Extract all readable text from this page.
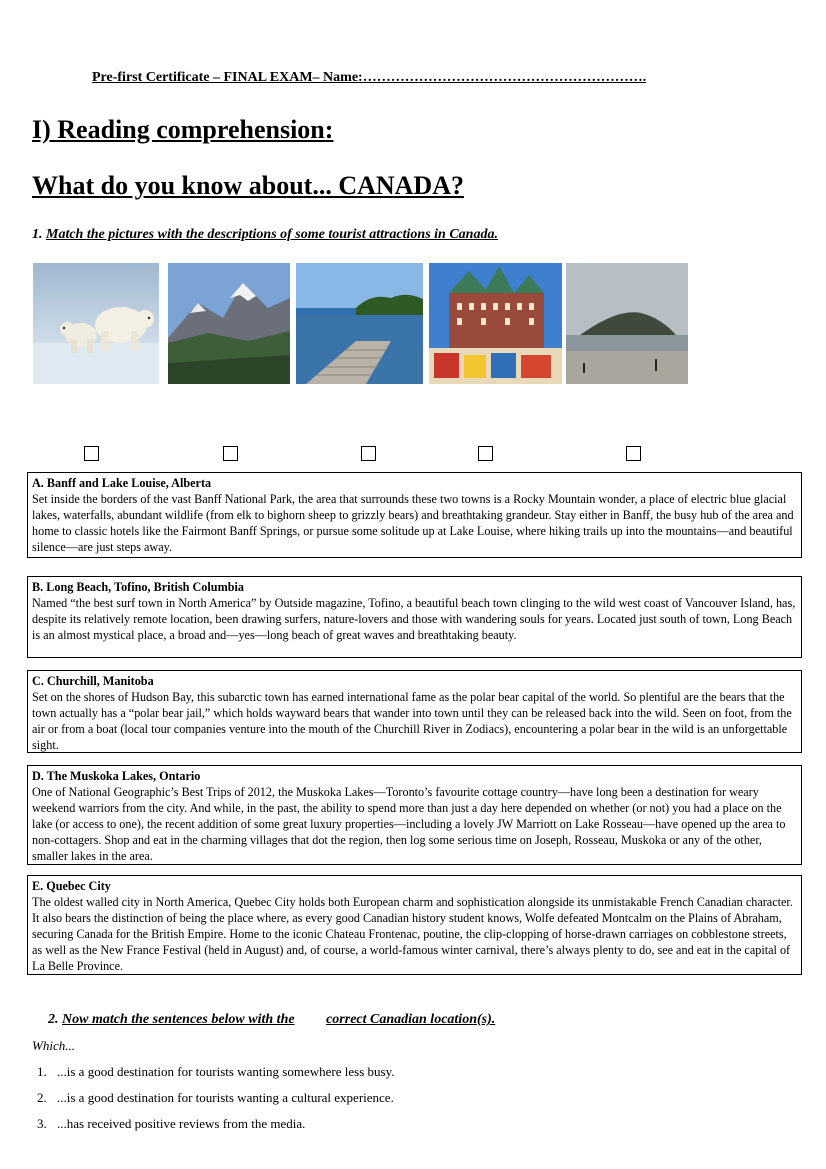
Pre-first Certificate – FINAL EXAM– Name:…………………………………………………….
I) Reading comprehension:
What do you know about... CANADA?
1. Match the pictures with the descriptions of some tourist attractions in Canada.
A. Banff and Lake Louise, Alberta
Set inside the borders of the vast Banff National Park, the area that surrounds these two towns is a Rocky Mountain wonder, a place of electric blue glacial lakes, waterfalls, abundant wildlife (from elk to bighorn sheep to grizzly bears) and breathtaking grandeur. Stay either in Banff, the busy hub of the area and home to classic hotels like the Fairmont Banff Springs, or pursue some solitude up at Lake Louise, where hiking trails up into the mountains—and beautiful silence—are just steps away.
B. Long Beach, Tofino, British Columbia
Named “the best surf town in North America” by Outside magazine, Tofino, a beautiful beach town clinging to the wild west coast of Vancouver Island, has, despite its relatively remote location, been drawing surfers, nature-lovers and those with wandering souls for years. Located just south of town, Long Beach is an almost mystical place, a broad and—yes—long beach of great waves and breathtaking beauty.
C. Churchill, Manitoba
Set on the shores of Hudson Bay, this subarctic town has earned international fame as the polar bear capital of the world. So plentiful are the bears that the town actually has a “polar bear jail,” which holds wayward bears that wander into town until they can be released back into the wild. Seen on foot, from the air or from a boat (local tour companies venture into the mouth of the Churchill River in Zodiacs), encountering a polar bear in the wild is an unforgettable sight.
D. The Muskoka Lakes, Ontario
One of National Geographic’s Best Trips of 2012, the Muskoka Lakes—Toronto’s favourite cottage country—have long been a destination for weary weekend warriors from the city. And while, in the past, the ability to spend more than just a day here depended on whether (or not) you had a place on the lake (or access to one), the recent addition of some great luxury properties—including a lovely JW Marriott on Lake Rosseau—have opened up the area to non-cottagers. Shop and eat in the charming villages that dot the region, then log some serious time on Joseph, Rosseau, Muskoka or any of the other, smaller lakes in the area.
E. Quebec City
The oldest walled city in North America, Quebec City holds both European charm and sophistication alongside its unmistakable French Canadian character. It also bears the distinction of being the place where, as every good Canadian history student knows, Wolfe defeated Montcalm on the Plains of Abraham, securing Canada for the British Empire. Home to the iconic Chateau Frontenac, poutine, the clip-clopping of horse-drawn carriages on cobblestone streets, as well as the New France Festival (held in August) and, of course, a world-famous winter carnival, there’s always plenty to do, see and eat in the capital of La Belle Province.
2. Now match the sentences below with the correct Canadian location(s).
Which...
1. ...is a good destination for tourists wanting somewhere less busy.
2. ...is a good destination for tourists wanting a cultural experience.
3. ...has received positive reviews from the media.
